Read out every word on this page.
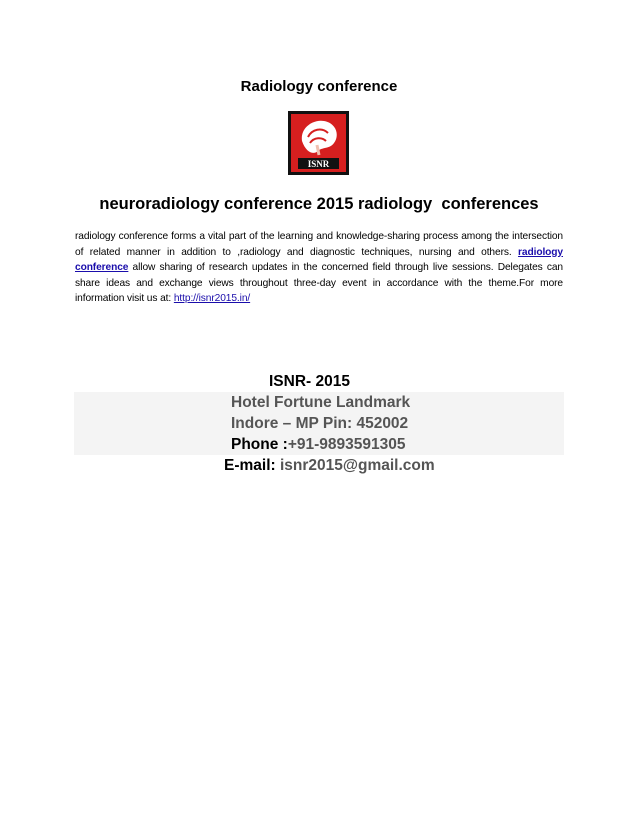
Radiology conference
ISNR
neuroradiology conference 2015 radiology  conferences
radiology conference forms a vital part of the learning and knowledge-sharing process among the intersection of related manner in addition to ,radiology and diagnostic techniques, nursing and others. radiology conference allow sharing of research updates in the concerned field through live sessions. Delegates can share ideas and exchange views throughout three-day event in accordance with the theme.For more information visit us at: http://isnr2015.in/
ISNR- 2015
Hotel Fortune Landmark
Indore – MP Pin: 452002
Phone :+91-9893591305
E-mail: isnr2015@gmail.com
